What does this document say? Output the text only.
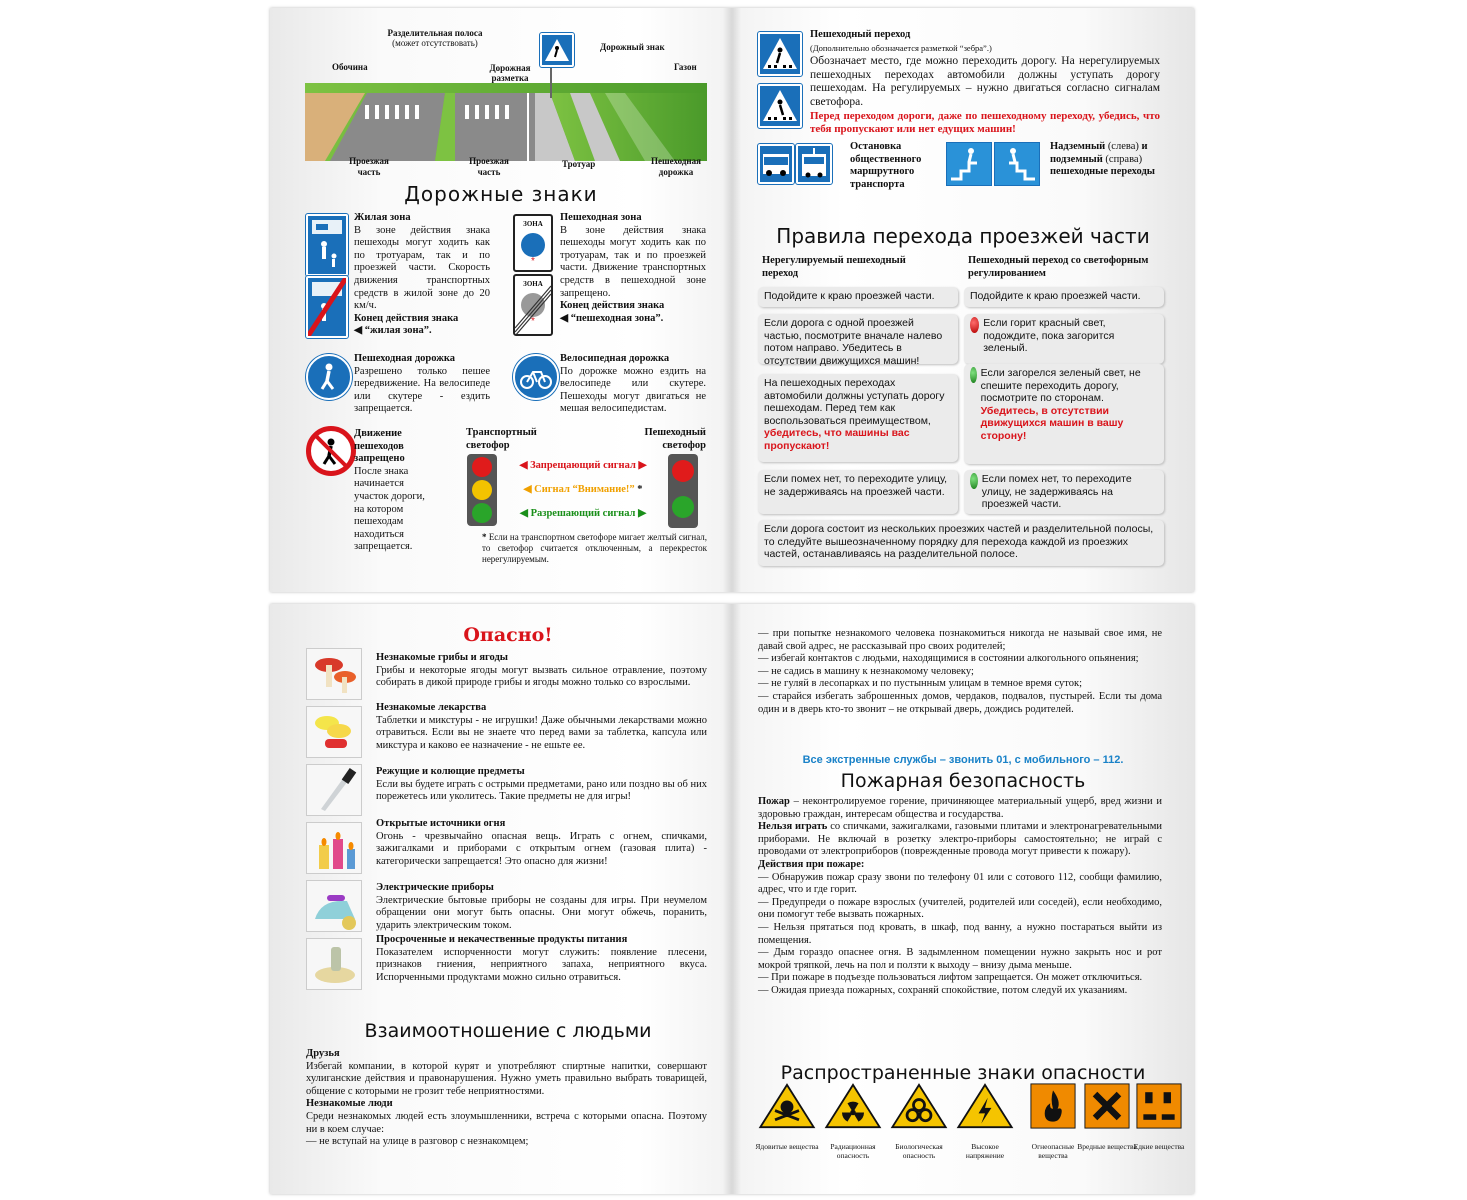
Обочина
Разделительная полоса
(может отсутствовать)
Дорожная разметка
Дорожный знак
Газон
Проезжая часть
Проезжая часть
Тротуар	Пешеходная дорожка
Дорожные знаки
Жилая зона
В зоне действия знака пешеходы могут ходить как по тротуарам, так и по проезжей части. Скорость движения транспортных средств в жилой зоне до 20 км/ч.
Конец действия знака
◀ “жилая зона”.
ЗОНА
*
ЗОНА
*
Пешеходная зона
В зоне действия знака пешеходы могут ходить как по тротуарам, так и по проезжей части. Движение транспортных средств в пешеходной зоне запрещено.
Конец действия знака
◀ “пешеходная зона”.
Пешеходная дорожка
Разрешено только пешее передвижение. На велосипеде или скутере - ездить запрещается.
Велосипедная дорожка
По дорожке можно ездить на велосипеде или скутере. Пешеходы могут двигаться не мешая велосипедистам.
Движение пешеходов запрещено
После знака начинается участок дороги, на котором пешеходам находиться запрещается.
Транспортный светофор
Пешеходный светофор
◀ Запрещающий сигнал ▶
◀ Сигнал “Внимание!” *
◀ Разрешающий сигнал ▶
* Если на транспортном светофоре мигает желтый сигнал, то светофор считается отключенным, а перекресток нерегулируемым.
Пешеходный переход
(Дополнительно обозначается разметкой “зебра”.)
Обозначает место, где можно переходить дорогу. На нерегулируемых пешеходных переходах автомобили должны уступать дорогу пешеходам. На регулируемых – нужно двигаться согласно сигналам светофора.
Перед переходом дороги, даже по пешеходному переходу, убедись, что тебя пропускают или нет едущих машин!
Остановка общественного маршрутного транспорта
Надземный (слева) и подземный (справа) пешеходные переходы
Правила перехода проезжей части
Нерегулируемый пешеходный переход
Пешеходный переход со светофорным регулированием
Подойдите к краю проезжей части.
Если дорога с одной проезжей частью, посмотрите вначале налево потом направо. Убедитесь в отсутствии движущихся машин!
На пешеходных переходах автомобили должны уступать дорогу пешеходам. Перед тем как воспользоваться преимуществом, убедитесь, что машины вас пропускают!
Если помех нет, то переходите улицу, не задерживаясь на проезжей части.
Подойдите к краю проезжей части.
Если горит красный свет, подождите, пока загорится зеленый.
Если загорелся зеленый свет, не спешите переходить дорогу, посмотрите по сторонам.
Убедитесь, в отсутствии движущихся машин в вашу сторону!
Если помех нет, то переходите улицу, не задерживаясь на проезжей части.
Если дорога состоит из нескольких проезжих частей и разделительной полосы, то следуйте вышеозначенному порядку для перехода каждой из проезжих частей, останавливаясь на разделительной полосе.
Опасно!
Незнакомые грибы и ягоды
Грибы и некоторые ягоды могут вызвать сильное отравление, поэтому собирать в дикой природе грибы и ягоды можно только со взрослыми.
Незнакомые лекарства
Таблетки и микстуры - не игрушки! Даже обычными лекарствами можно отравиться. Если вы не знаете что перед вами за таблетка, капсула или микстура и каково ее назначение - не ешьте ее.
Режущие и колющие предметы
Если вы будете играть с острыми предметами, рано или поздно вы об них порежетесь или уколитесь. Такие предметы не для игры!
Открытые источники огня
Огонь - чрезвычайно опасная вещь. Играть с огнем, спичками, зажигалками и приборами с открытым огнем (газовая плита) - категорически запрещается! Это опасно для жизни!
Электрические приборы
Электрические бытовые приборы не созданы для игры. При неумелом обращении они могут быть опасны. Они могут обжечь, поранить, ударить электрическим током.
Просроченные и некачественные продукты питания
Показателем испорченности могут служить: появление плесени, признаков гниения, неприятного запаха, неприятного вкуса. Испорченными продуктами можно сильно отравиться.
Взаимоотношение с людьми
Друзья
Избегай компании, в которой курят и употребляют спиртные напитки, совершают хулиганские действия и правонарушения. Нужно уметь правильно выбрать товарищей, общение с которыми не грозит тебе неприятностями.
Незнакомые люди
Среди незнакомых людей есть злоумышленники, встреча с которыми опасна. Поэтому ни в коем случае:
— не вступай на улице в разговор с незнакомцем;
— при попытке незнакомого человека познакомиться никогда не называй свое имя, не давай свой адрес, не рассказывай про своих родителей;
— избегай контактов с людьми, находящимися в состоянии алкогольного опьянения;
— не садись в машину к незнакомому человеку;
— не гуляй в лесопарках и по пустынным улицам в темное время суток;
— старайся избегать заброшенных домов, чердаков, подвалов, пустырей. Если ты дома один и в дверь кто-то звонит – не открывай дверь, дождись родителей.
Все экстренные службы – звонить 01, с мобильного – 112.
Пожарная безопасность
Пожар – неконтролируемое горение, причиняющее материальный ущерб, вред жизни и здоровью граждан, интересам общества и государства.
Нельзя играть со спичками, зажигалками, газовыми плитами и электронагревательными приборами. Не включай в розетку электро-приборы самостоятельно; не играй с проводами от электроприборов (поврежденные провода могут привести к пожару).
Действия при пожаре:
— Обнаружив пожар сразу звони по телефону 01 или с сотового 112, сообщи фамилию, адрес, что и где горит.
— Предупреди о пожаре взрослых (учителей, родителей или соседей), если необходимо, они помогут тебе вызвать пожарных.
— Нельзя прятаться под кровать, в шкаф, под ванну, а нужно постараться выйти из помещения.
— Дым гораздо опаснее огня. В задымленном помещении нужно закрыть нос и рот мокрой тряпкой, лечь на пол и ползти к выходу – внизу дыма меньше.
— При пожаре в подъезде пользоваться лифтом запрещается. Он может отключиться.
— Ожидая приезда пожарных, сохраняй спокойствие, потом следуй их указаниям.
Распространенные знаки опасности
Ядовитые вещества	Радиационная опасность
Биологическая опасность
Высокое напряжение
Огнеопасные вещества
Вредные вещества
Едкие вещества
